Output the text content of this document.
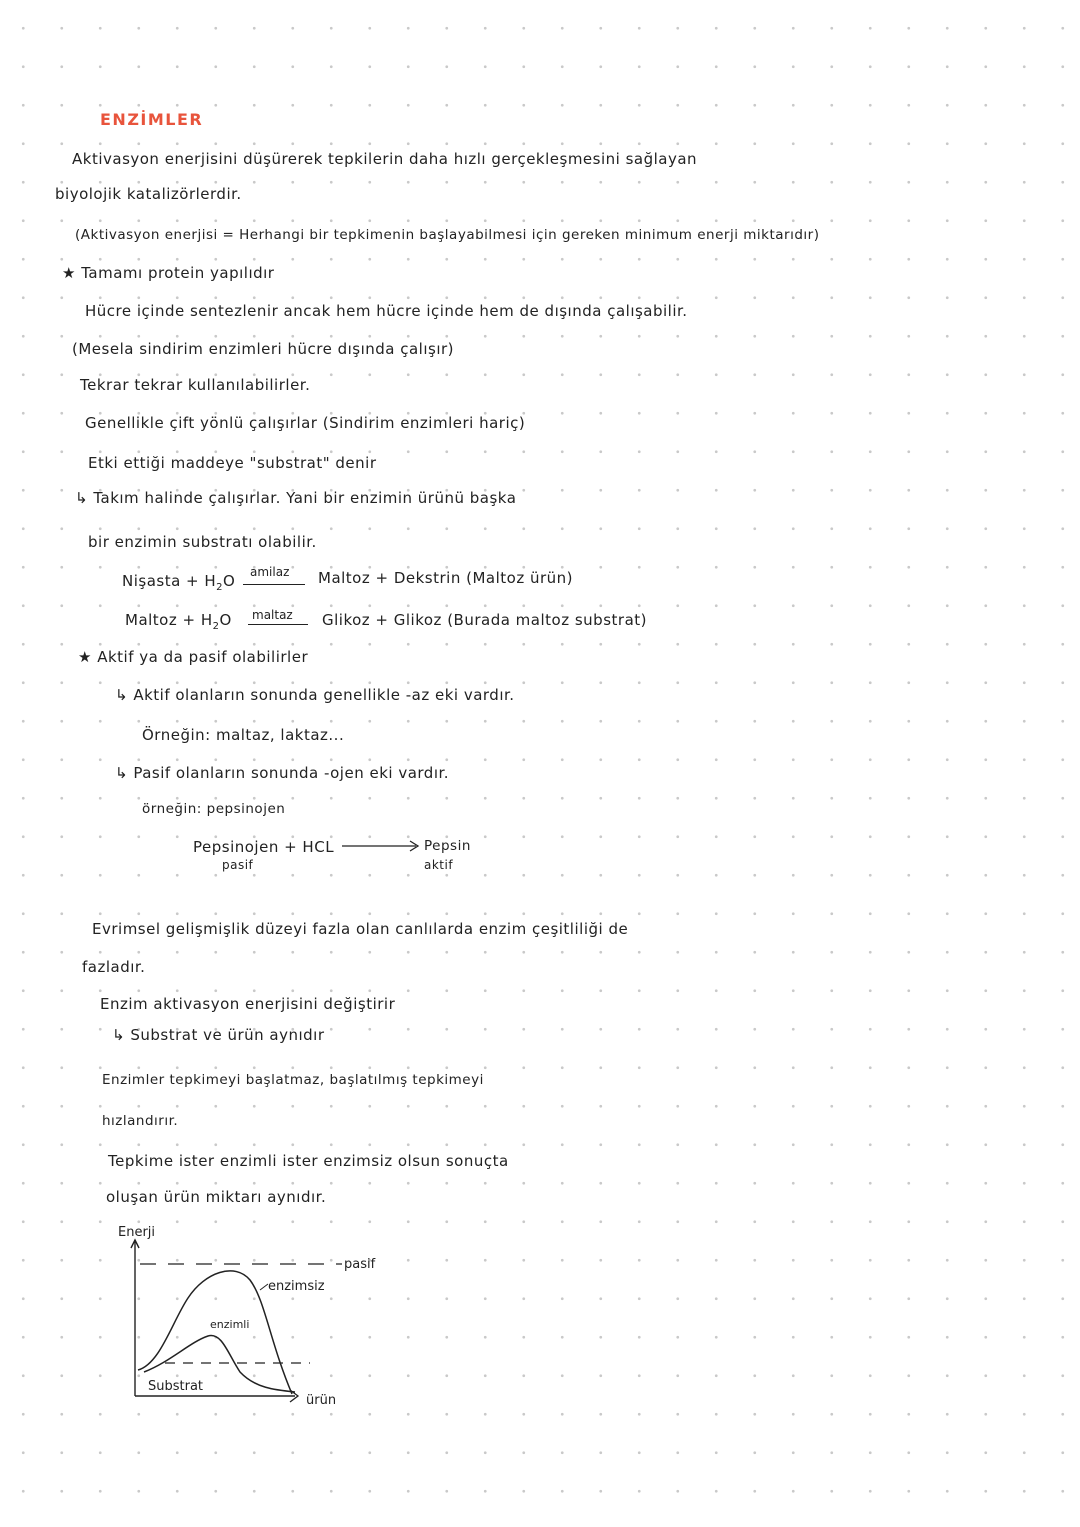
ENZİMLER
Aktivasyon enerjisini düşürerek tepkilerin daha hızlı gerçekleşmesini sağlayan
biyolojik katalizörlerdir.
(Aktivasyon enerjisi = Herhangi bir tepkimenin başlayabilmesi için gereken minimum enerji miktarıdır)
★ Tamamı protein yapılıdır
Hücre içinde sentezlenir ancak hem hücre içinde hem de dışında çalışabilir.
(Mesela sindirim enzimleri hücre dışında çalışır)
Tekrar tekrar kullanılabilirler.
Genellikle çift yönlü çalışırlar (Sindirim enzimleri hariç)
Etki ettiği maddeye "substrat" denir
↳ Takım halinde çalışırlar. Yani bir enzimin ürünü başka
bir enzimin substratı olabilir.
Nişasta + $H_2O$ amilaz Maltoz + Dekstrin (Maltoz ürün)
Maltoz + $H_2O$ maltaz Glikoz + Glikoz (Burada maltoz substrat)
★ Aktif ya da pasif olabilirler
↳ Aktif olanların sonunda genellikle -az eki vardır.
Örneğin: maltaz, laktaz...
↳ Pasif olanların sonunda -ojen eki vardır.
örneğin: pepsinojen
Pepsinojen + HCL
pasif
Pepsin
aktif
Evrimsel gelişmişlik düzeyi fazla olan canlılarda enzim çeşitliliği de
fazladır.
Enzim aktivasyon enerjisini değiştirir
↳ Substrat ve ürün aynıdır
Enzimler tepkimeyi başlatmaz, başlatılmış tepkimeyi
hızlandırır.
Tepkime ister enzimli ister enzimsiz olsun sonuçta
oluşan ürün miktarı aynıdır.
Enerji
pasif
enzimsiz
enzimli
Substrat
ürün
